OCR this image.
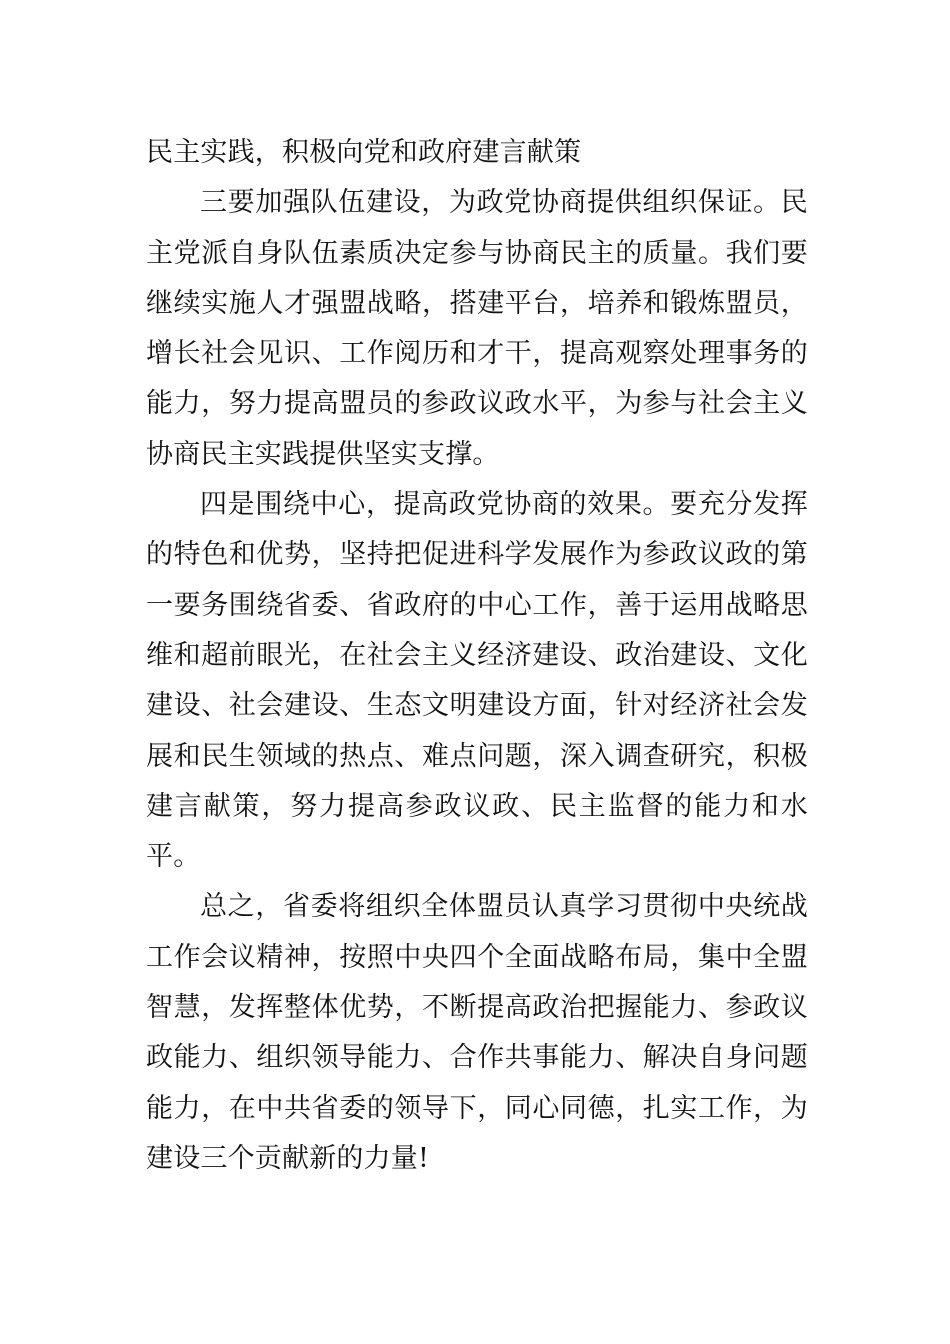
民主实践，积极向党和政府建言献策

三要加强队伍建设，为政党协商提供组织保证。民主党派自身队伍素质决定参与协商民主的质量。我们要继续实施人才强盟战略，搭建平台，培养和锻炼盟员，增长社会见识、工作阅历和才干，提高观察处理事务的能力，努力提高盟员的参政议政水平，为参与社会主义协商民主实践提供坚实支撑。

四是围绕中心，提高政党协商的效果。要充分发挥的特色和优势，坚持把促进科学发展作为参政议政的第一要务围绕省委、省政府的中心工作，善于运用战略思维和超前眼光，在社会主义经济建设、政治建设、文化建设、社会建设、生态文明建设方面，针对经济社会发展和民生领域的热点、难点问题，深入调查研究，积极建言献策，努力提高参政议政、民主监督的能力和水平。

总之，省委将组织全体盟员认真学习贯彻中央统战工作会议精神，按照中央四个全面战略布局，集中全盟智慧，发挥整体优势，不断提高政治把握能力、参政议政能力、组织领导能力、合作共事能力、解决自身问题能力，在中共省委的领导下，同心同德，扎实工作，为建设三个贡献新的力量!
